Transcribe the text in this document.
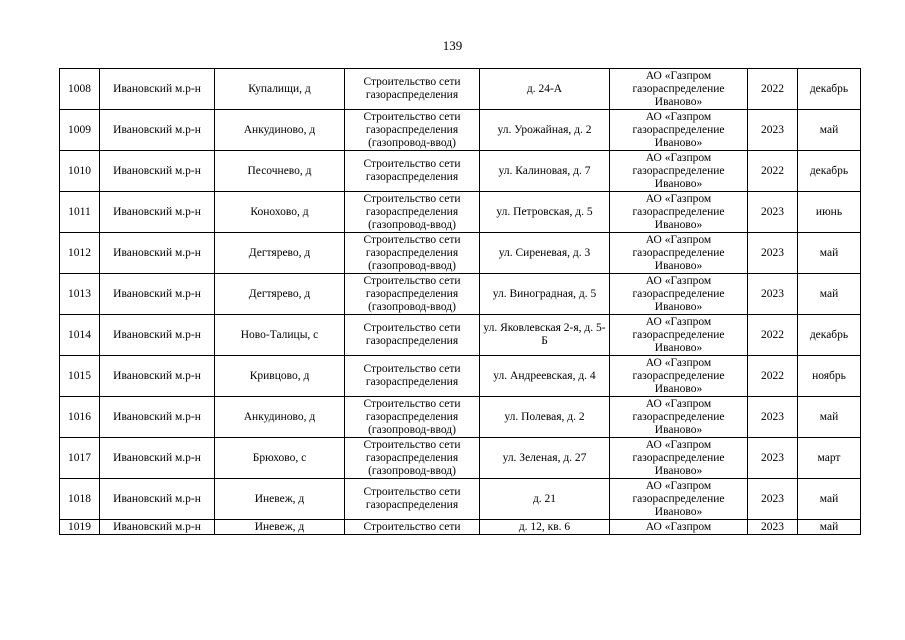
139
1008	Ивановский м.р-н	Купалищи, д	Строительство сети газораспределения	д. 24-А	АО «Газпром газораспределение Иваново»	2022	декабрь
1009	Ивановский м.р-н	Анкудиново, д	Строительство сети газораспределения (газопровод-ввод)	ул. Урожайная, д. 2	АО «Газпром газораспределение Иваново»	2023	май
1010	Ивановский м.р-н	Песочнево, д	Строительство сети газораспределения	ул. Калиновая, д. 7	АО «Газпром газораспределение Иваново»	2022	декабрь
1011	Ивановский м.р-н	Конохово, д	Строительство сети газораспределения (газопровод-ввод)	ул. Петровская, д. 5	АО «Газпром газораспределение Иваново»	2023	июнь
1012	Ивановский м.р-н	Дегтярево, д	Строительство сети газораспределения (газопровод-ввод)	ул. Сиреневая, д. 3	АО «Газпром газораспределение Иваново»	2023	май
1013	Ивановский м.р-н	Дегтярево, д	Строительство сети газораспределения (газопровод-ввод)	ул. Виноградная, д. 5	АО «Газпром газораспределение Иваново»	2023	май
1014	Ивановский м.р-н	Ново-Талицы, с	Строительство сети газораспределения	ул. Яковлевская 2-я, д. 5-Б	АО «Газпром газораспределение Иваново»	2022	декабрь
1015	Ивановский м.р-н	Кривцово, д	Строительство сети газораспределения	ул. Андреевская, д. 4	АО «Газпром газораспределение Иваново»	2022	ноябрь
1016	Ивановский м.р-н	Анкудиново, д	Строительство сети газораспределения (газопровод-ввод)	ул. Полевая, д. 2	АО «Газпром газораспределение Иваново»	2023	май
1017	Ивановский м.р-н	Брюхово, с	Строительство сети газораспределения (газопровод-ввод)	ул. Зеленая, д. 27	АО «Газпром газораспределение Иваново»	2023	март
1018	Ивановский м.р-н	Иневеж, д	Строительство сети газораспределения	д. 21	АО «Газпром газораспределение Иваново»	2023	май
1019	Ивановский м.р-н	Иневеж, д	Строительство сети	д. 12, кв. 6	АО «Газпром	2023	май
